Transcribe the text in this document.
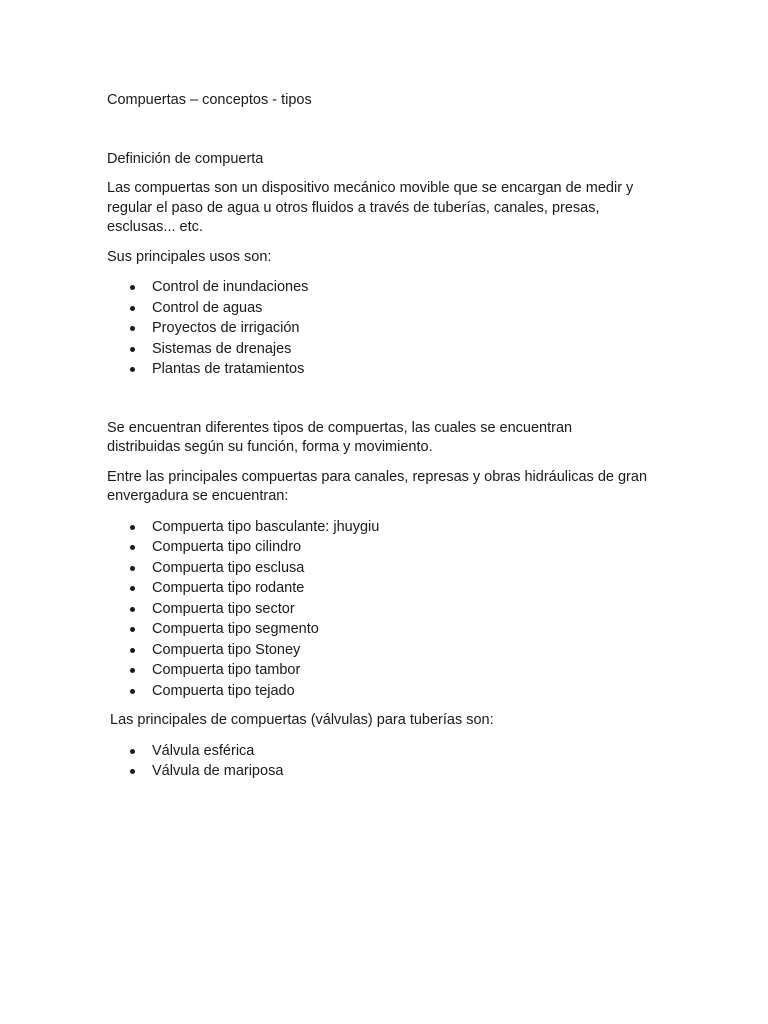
Compuertas – conceptos - tipos

Definición de compuerta

Las compuertas son un dispositivo mecánico movible que se encargan de medir y regular el paso de agua u otros fluidos a través de tuberías, canales, presas, esclusas... etc.

Sus principales usos son:

Control de inundaciones
Control de aguas
Proyectos de irrigación
Sistemas de drenajes
Plantas de tratamientos

Se encuentran diferentes tipos de compuertas, las cuales se encuentran distribuidas según su función, forma y movimiento.

Entre las principales compuertas para canales, represas y obras hidráulicas de gran envergadura se encuentran:

Compuerta tipo basculante: jhuygiu
Compuerta tipo cilindro
Compuerta tipo esclusa
Compuerta tipo rodante
Compuerta tipo sector
Compuerta tipo segmento
Compuerta tipo Stoney
Compuerta tipo tambor
Compuerta tipo tejado

Las principales de compuertas (válvulas) para tuberías son:

Válvula esférica
Válvula de mariposa
